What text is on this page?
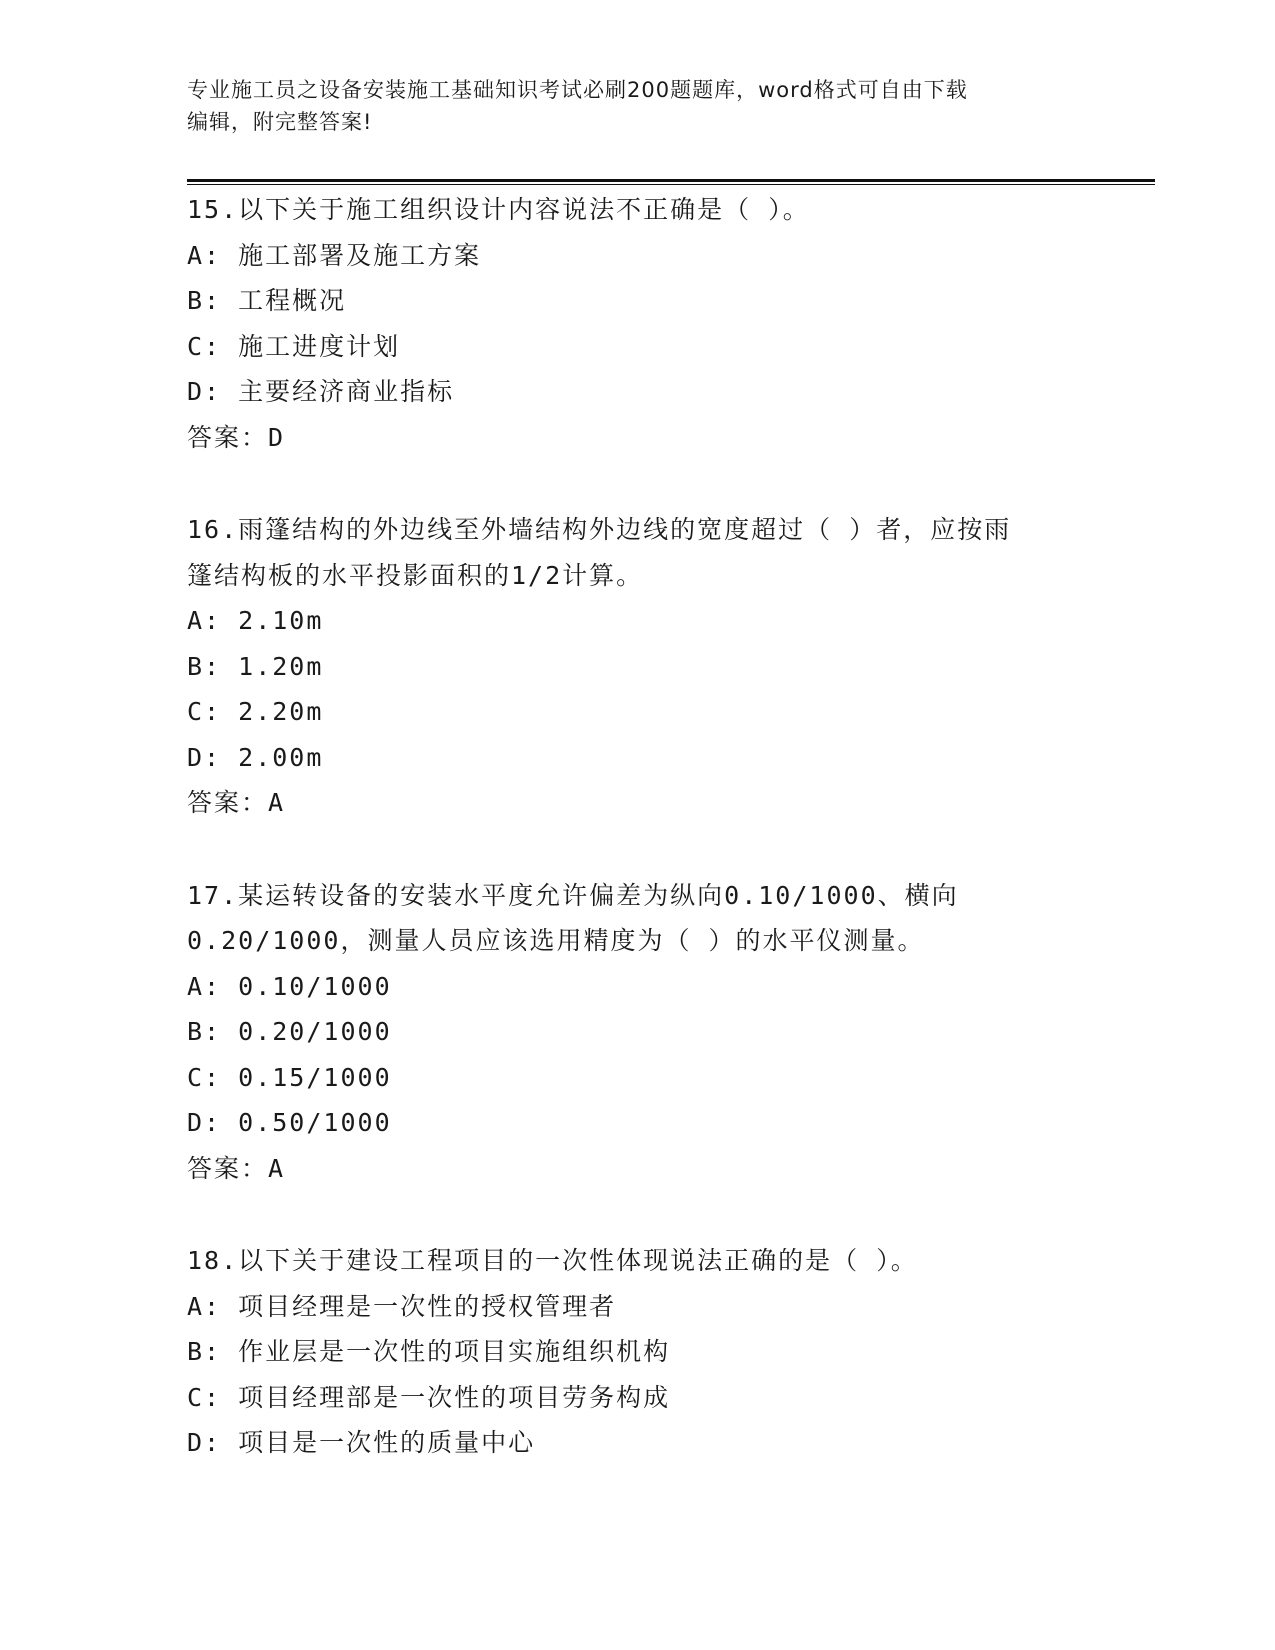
专业施工员之设备安装施工基础知识考试必刷200题题库，word格式可自由下载
编辑，附完整答案!
15.以下关于施工组织设计内容说法不正确是（ ）。
A: 施工部署及施工方案
B: 工程概况
C: 施工进度计划
D: 主要经济商业指标
答案：D
16.雨篷结构的外边线至外墙结构外边线的宽度超过（ ）者，应按雨
篷结构板的水平投影面积的1/2计算。
A: 2.10m
B: 1.20m
C: 2.20m
D: 2.00m
答案：A
17.某运转设备的安装水平度允许偏差为纵向0.10/1000、横向
0.20/1000，测量人员应该选用精度为（ ）的水平仪测量。
A: 0.10/1000
B: 0.20/1000
C: 0.15/1000
D: 0.50/1000
答案：A
18.以下关于建设工程项目的一次性体现说法正确的是（ ）。
A: 项目经理是一次性的授权管理者
B: 作业层是一次性的项目实施组织机构
C: 项目经理部是一次性的项目劳务构成
D: 项目是一次性的质量中心
